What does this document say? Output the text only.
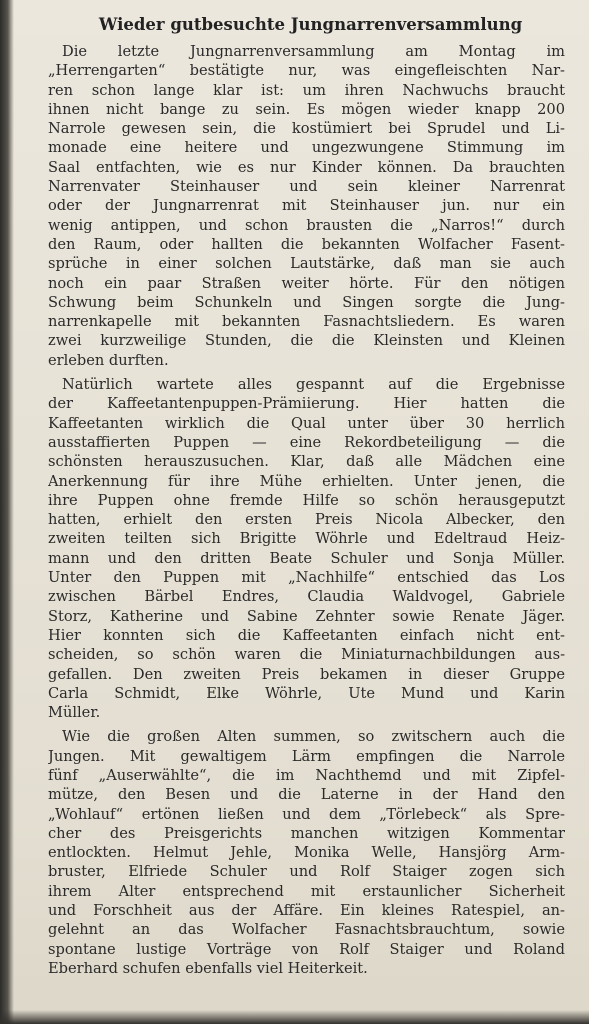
Wieder gutbesuchte Jungnarrenversammlung
Die letzte Jungnarrenversammlung am Montag im
„Herrengarten“ bestätigte nur, was eingefleischten Nar-
ren schon lange klar ist: um ihren Nachwuchs braucht
ihnen nicht bange zu sein. Es mögen wieder knapp 200
Narrole gewesen sein, die kostümiert bei Sprudel und Li-
monade eine heitere und ungezwungene Stimmung im
Saal entfachten, wie es nur Kinder können. Da brauchten
Narrenvater Steinhauser und sein kleiner Narrenrat
oder der Jungnarrenrat mit Steinhauser jun. nur ein
wenig antippen, und schon brausten die „Narros!“ durch
den Raum, oder hallten die bekannten Wolfacher Fasent-
sprüche in einer solchen Lautstärke, daß man sie auch
noch ein paar Straßen weiter hörte. Für den nötigen
Schwung beim Schunkeln und Singen sorgte die Jung-
narrenkapelle mit bekannten Fasnachtsliedern. Es waren
zwei kurzweilige Stunden, die die Kleinsten und Kleinen
erleben durften.
Natürlich wartete alles gespannt auf die Ergebnisse
der Kaffeetantenpuppen-Prämiierung. Hier hatten die
Kaffeetanten wirklich die Qual unter über 30 herrlich
ausstaffierten Puppen — eine Rekordbeteiligung — die
schönsten herauszusuchen. Klar, daß alle Mädchen eine
Anerkennung für ihre Mühe erhielten. Unter jenen, die
ihre Puppen ohne fremde Hilfe so schön herausgeputzt
hatten, erhielt den ersten Preis Nicola Albecker, den
zweiten teilten sich Brigitte Wöhrle und Edeltraud Heiz-
mann und den dritten Beate Schuler und Sonja Müller.
Unter den Puppen mit „Nachhilfe“ entschied das Los
zwischen Bärbel Endres, Claudia Waldvogel, Gabriele
Storz, Katherine und Sabine Zehnter sowie Renate Jäger.
Hier konnten sich die Kaffeetanten einfach nicht ent-
scheiden, so schön waren die Miniaturnachbildungen aus-
gefallen. Den zweiten Preis bekamen in dieser Gruppe
Carla Schmidt, Elke Wöhrle, Ute Mund und Karin
Müller.
Wie die großen Alten summen, so zwitschern auch die
Jungen. Mit gewaltigem Lärm empfingen die Narrole
fünf „Auserwählte“, die im Nachthemd und mit Zipfel-
mütze, den Besen und die Laterne in der Hand den
„Wohlauf“ ertönen ließen und dem „Törlebeck“ als Spre-
cher des Preisgerichts manchen witzigen Kommentar
entlockten. Helmut Jehle, Monika Welle, Hansjörg Arm-
bruster, Elfriede Schuler und Rolf Staiger zogen sich
ihrem Alter entsprechend mit erstaunlicher Sicherheit
und Forschheit aus der Affäre. Ein kleines Ratespiel, an-
gelehnt an das Wolfacher Fasnachtsbrauchtum, sowie
spontane lustige Vorträge von Rolf Staiger und Roland
Eberhard schufen ebenfalls viel Heiterkeit.
